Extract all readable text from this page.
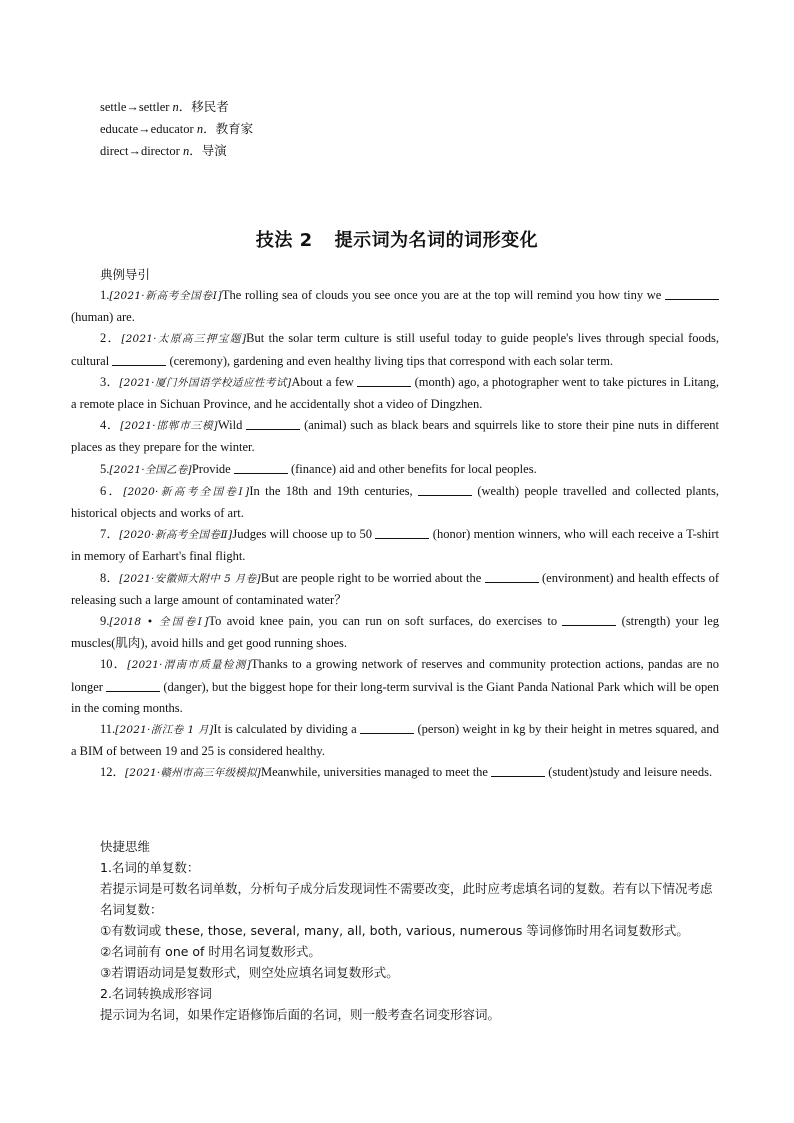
settle→settler n．移民者
educate→educator n．教育家
direct→director n．导演
技法 2 提示词为名词的词形变化
典例导引

1.[2021·新高考全国卷Ⅰ]The rolling sea of clouds you see once you are at the top will remind you how tiny we  (human) are.

2．[2021·太原高三押宝题]But the solar term culture is still useful today to guide people's lives through special foods, cultural	(ceremony), gardening and even healthy living tips that correspond with each solar term.

3．[2021·厦门外国语学校适应性考试]About a few	(month) ago, a photographer went to take pictures in Litang, a remote place in Sichuan Province, and he accidentally shot a video of Dingzhen.

4．[2021·邯郸市三模]Wild	(animal) such as black bears and squirrels like to store their pine nuts in different places as they prepare for the winter.

5.[2021·全国乙卷]Provide	(finance) aid and other benefits for local peoples.

6．[2020·新高考全国卷Ⅰ]In the 18th and 19th centuries,	(wealth) people travelled and collected plants, historical objects and works of art.

7．[2020·新高考全国卷Ⅱ]Judges will choose up to 50	(honor) mention winners, who will each receive a T-shirt in memory of Earhart's final flight.

8．[2021·安徽师大附中 5 月卷]But are people right to be worried about the	(environment) and health effects of releasing such a large amount of contaminated water？

9.[2018 • 全国卷Ⅰ]To avoid knee pain, you can run on soft surfaces, do exercises to	(strength) your leg muscles(肌肉), avoid hills and get good running shoes.

10．[2021·渭南市质量检测]Thanks to a growing network of reserves and community protection actions, pandas are no longer	(danger), but the biggest hope for their long-term survival is the Giant Panda National Park which will be open in the coming months.

11.[2021·浙江卷 1 月]It is calculated by dividing a	(person) weight in kg by their height in metres squared, and a BIM of between 19 and 25 is considered healthy.

12．[2021·赣州市高三年级模拟]Meanwhile, universities managed to meet the	(student)study and leisure needs.

快捷思维

1.名词的单复数：

若提示词是可数名词单数，分析句子成分后发现词性不需要改变，此时应考虑填名词的复数。若有以下情况考虑名词复数：

①有数词或 these, those, several, many, all, both, various, numerous 等词修饰时用名词复数形式。

②名词前有 one of 时用名词复数形式。

③若谓语动词是复数形式，则空处应填名词复数形式。

2.名词转换成形容词

提示词为名词，如果作定语修饰后面的名词，则一般考查名词变形容词。
